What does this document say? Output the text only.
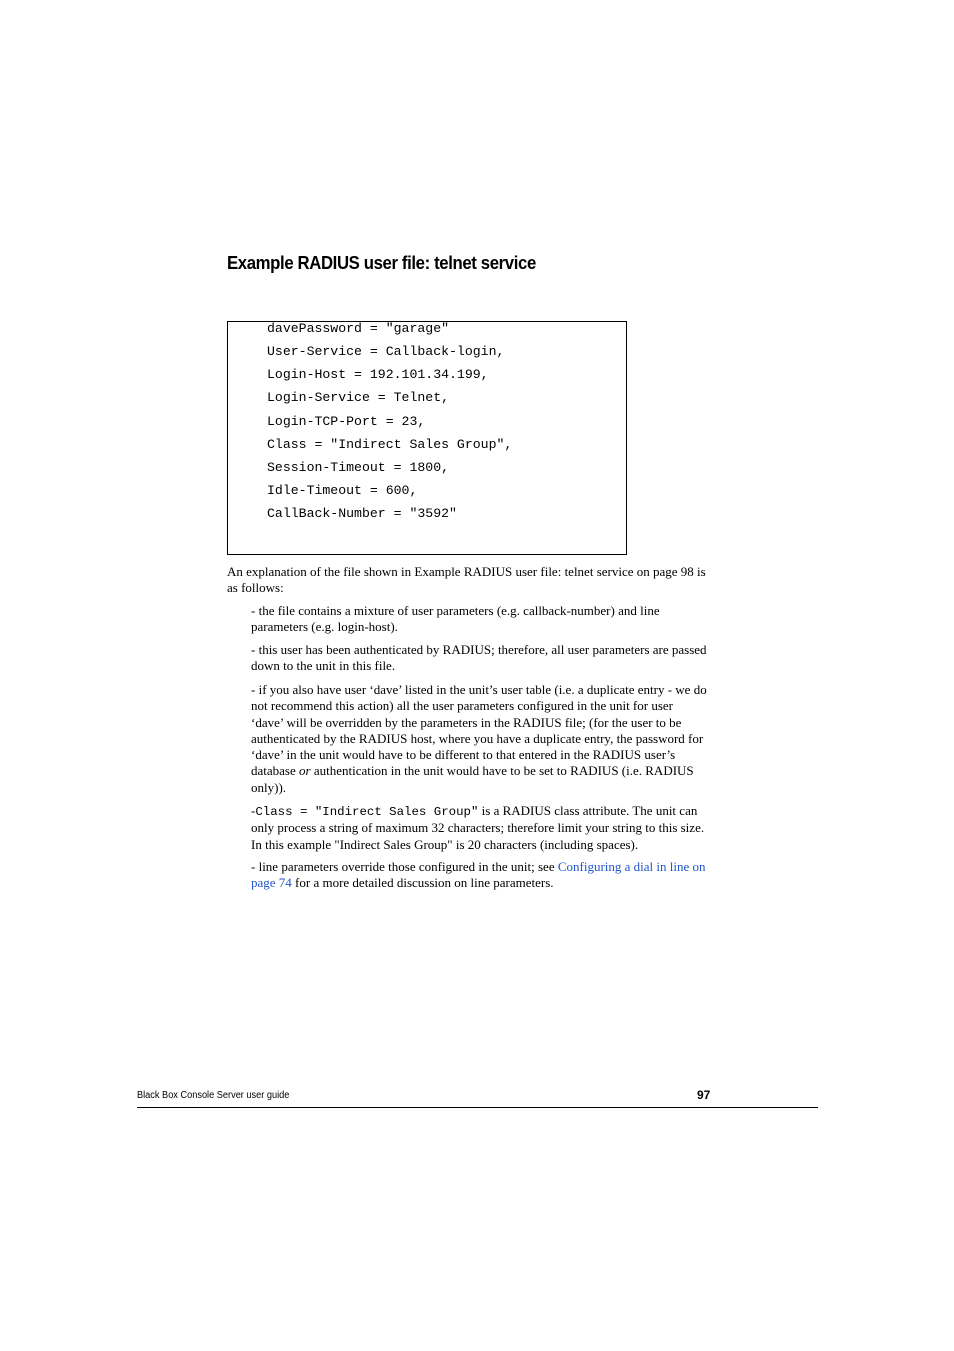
Example RADIUS user file: telnet service

davePassword = "garage"

User-Service = Callback-login,

Login-Host = 192.101.34.199,

Login-Service = Telnet,

Login-TCP-Port = 23,

Class = "Indirect Sales Group",

Session-Timeout = 1800,

Idle-Timeout = 600,

CallBack-Number = "3592"

An explanation of the file shown in Example RADIUS user file: telnet service on page 98 is as follows:

- the file contains a mixture of user parameters (e.g. callback-number) and line parameters (e.g. login-host).

- this user has been authenticated by RADIUS; therefore, all user parameters are passed down to the unit in this file.

- if you also have user ‘dave’ listed in the unit’s user table (i.e. a duplicate entry - we do not recommend this action) all the user parameters configured in the unit for user ‘dave’ will be overridden by the parameters in the RADIUS file; (for the user to be authenticated by the RADIUS host, where you have a duplicate entry, the password for ‘dave’ in the unit would have to be different to that entered in the RADIUS user’s database or authentication in the unit would have to be set to RADIUS (i.e. RADIUS only)).

-Class = "Indirect Sales Group" is a RADIUS class attribute. The unit can only process a string of maximum 32 characters; therefore limit your string to this size. In this example "Indirect Sales Group" is 20 characters (including spaces).

- line parameters override those configured in the unit; see Configuring a dial in line on page 74 for a more detailed discussion on line parameters.

Black Box Console Server user guide	97
